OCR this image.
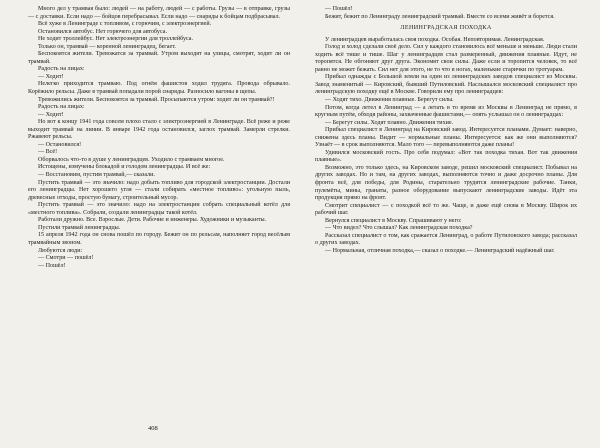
Много дел у трамвая было: людей — на работу, людей — с работы. Грузы — в отправке, грузы — с доставки. Если надо — бойцов перебрасывал. Если надо — снаряды к бойцам подбрасывал.

Всё хуже в Ленинграде с топливом, с горючим, с электроэнергией.

Остановился автобус. Нет горючего для автобуса.

Не ходит троллейбус. Нет электроэнергии для троллейбуса.

Только он, трамвай — коренной ленинградец, бегает.

Беспокоятся жители. Тревожатся за трамвай. Утром выходят на улицы, смотрят, ходит ли он трамвай.

Радость на лицах:

— Ходит!

Нелегко приходится трамваю. Под огнём фашистов ходил трудяга. Провода обрывало. Корёжило рельсы. Даже в трамвай попадали порой снаряды. Разносило вагоны в щепы.

Тревожились жители. Беспокоятся за трамвай. Просыпаются утром: ходит ли он трамвай?!

Радость на лицах:

— Ходит!

Но вот к концу 1941 года совсем плохо стало с электроэнергией в Ленинграде. Всё реже и реже выходит трамвай на линии. В январе 1942 года остановился, заглох трамвай. Замерли стрелки. Ржавеют рельсы.

— Остановился!

— Всё!

Оборвалось что-то в душе у ленинградцев. Уходило с трамваем многое.

Истощены, измучены блокадой и голодом ленинградцы. И всё же:

— Восстановим, пустим трамвай,— сказали.

Пустить трамвай — это значило: надо добыть топливо для городской электростанции. Достали его ленинградцы. Нет хорошего угля — стали собирать «местное топливо»: угольную пыль, древесные отходы, простую бумагу, строительный мусор.

Пустить трамвай — это значило: надо на электростанции собрать специальный котёл для «местного топлива». Собрали, создали ленинградцы такой котёл.

Работали дружно. Все. Взрослые. Дети. Рабочие и инженеры. Художники и музыканты.

Пустили трамвай ленинградцы.

15 апреля 1942 года он снова пошёл по городу. Бежит он по рельсам, наполняет город весёлым трамвайным звоном.

Любуются люди:

— Смотри — пошёл!

— Пошёл!

408

— Пошёл!

Бежит, бежит по Ленинграду ленинградский трамвай. Вместе со всеми живёт и борется.

ЛЕНИНГРАДСКАЯ ПОХОДКА

У ленинградцев выработалась своя походка. Особая. Неповторимая. Ленинградская.

Голод и холод сделали своё дело. Сил у каждого становилось всё меньше и меньше. Люди стали ходить всё тише и тише. Шаг у ленинградцев стал размеренный, движения плавные. Идут, не торопятся. Не обгоняют друг друга. Экономят свои силы. Даже если и торопится человек, то всё равно не может бежать. Сил нет для этого, не то что в ногах, маленькие старички по тротуарам.

Прибыл однажды с Большой земли на один из ленинградских заводов специалист из Москвы. Завод знаменитый — Кировский, бывший Путиловский. Наслышался московский специалист про ленинградскую походку ещё в Москве. Говорили ему про ленинградцев:

— Ходят тихо. Движения плавные. Берегут силы.

Потом, когда летел в Ленинград — а летать в то время из Москвы в Ленинград не прямо, в кругным путём, обходя районы, захваченные фашистами,— опять услышал он о ленинградцах:

— Берегут силы. Ходят плавно. Движения тихие.

Прибыл специалист в Ленинград на Кировский завод. Интересуется планами. Думает: наверно, снижены здесь планы. Видит — нормальные планы. Интересуется: как же они выполняются? Узнаёт — в срок выполняются. Мало того — перевыполняются даже планы!

Удивился московский гость. Про себя подумал: «Вот так походка тихая. Вот так движения плавные».

Возможно, это только здесь, на Кировском заводе, решил московский специалист. Побывал на других заводах. Но и там, на других заводах, выполняются точно и даже досрочно планы. Для фронта всё, для победы, для Родины, старательно трудятся ленинградские рабочие. Танки, пулемёты, мины, гранаты, разное оборудование выпускают ленинградские заводы. Идёт эта продукция прямо на фронт.

Смотрит специалист — с походкой всё то же. Чаще, и даже ещё снова в Москву. Широк их рабочий шаг.

Вернулся специалист в Москву. Спрашивают у него:

— Что видел? Что слышал? Как ленинградская походка?

Рассказал специалист о том, как сражается Ленинград, о работе Путиловского завода; рассказал о других заводах.

— Нормальная, отличная походка,— сказал о походке.— Ленинградский надёжный шаг.
